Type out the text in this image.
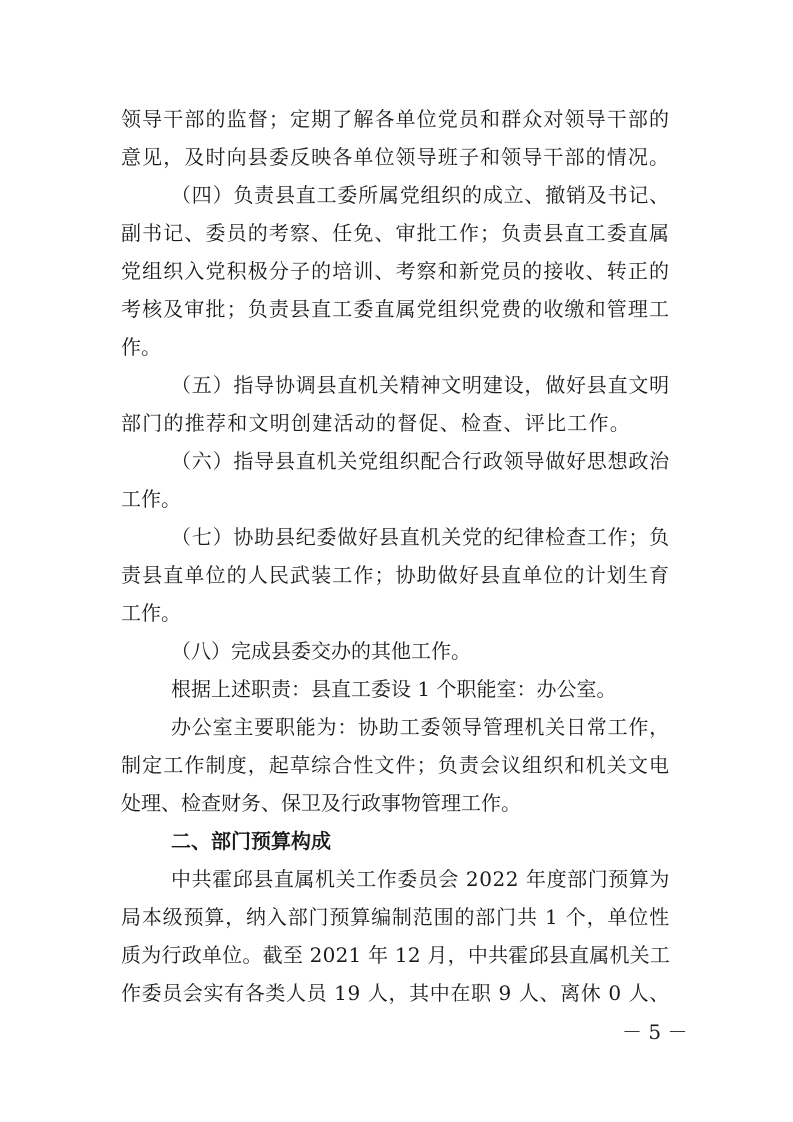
领导干部的监督；定期了解各单位党员和群众对领导干部的
意见，及时向县委反映各单位领导班子和领导干部的情况。
（四）负责县直工委所属党组织的成立、撤销及书记、
副书记、委员的考察、任免、审批工作；负责县直工委直属
党组织入党积极分子的培训、考察和新党员的接收、转正的
考核及审批；负责县直工委直属党组织党费的收缴和管理工
作。
（五）指导协调县直机关精神文明建设，做好县直文明
部门的推荐和文明创建活动的督促、检查、评比工作。
（六）指导县直机关党组织配合行政领导做好思想政治
工作。
（七）协助县纪委做好县直机关党的纪律检查工作；负
责县直单位的人民武装工作；协助做好县直单位的计划生育
工作。
（八）完成县委交办的其他工作。
根据上述职责：县直工委设 1 个职能室：办公室。
办公室主要职能为：协助工委领导管理机关日常工作，
制定工作制度，起草综合性文件；负责会议组织和机关文电
处理、检查财务、保卫及行政事物管理工作。
二、部门预算构成
中共霍邱县直属机关工作委员会 2022 年度部门预算为
局本级预算，纳入部门预算编制范围的部门共 1 个，单位性
质为行政单位。截至 2021 年 12 月，中共霍邱县直属机关工
作委员会实有各类人员 19 人，其中在职 9 人、离休 0 人、
－ 5 －
